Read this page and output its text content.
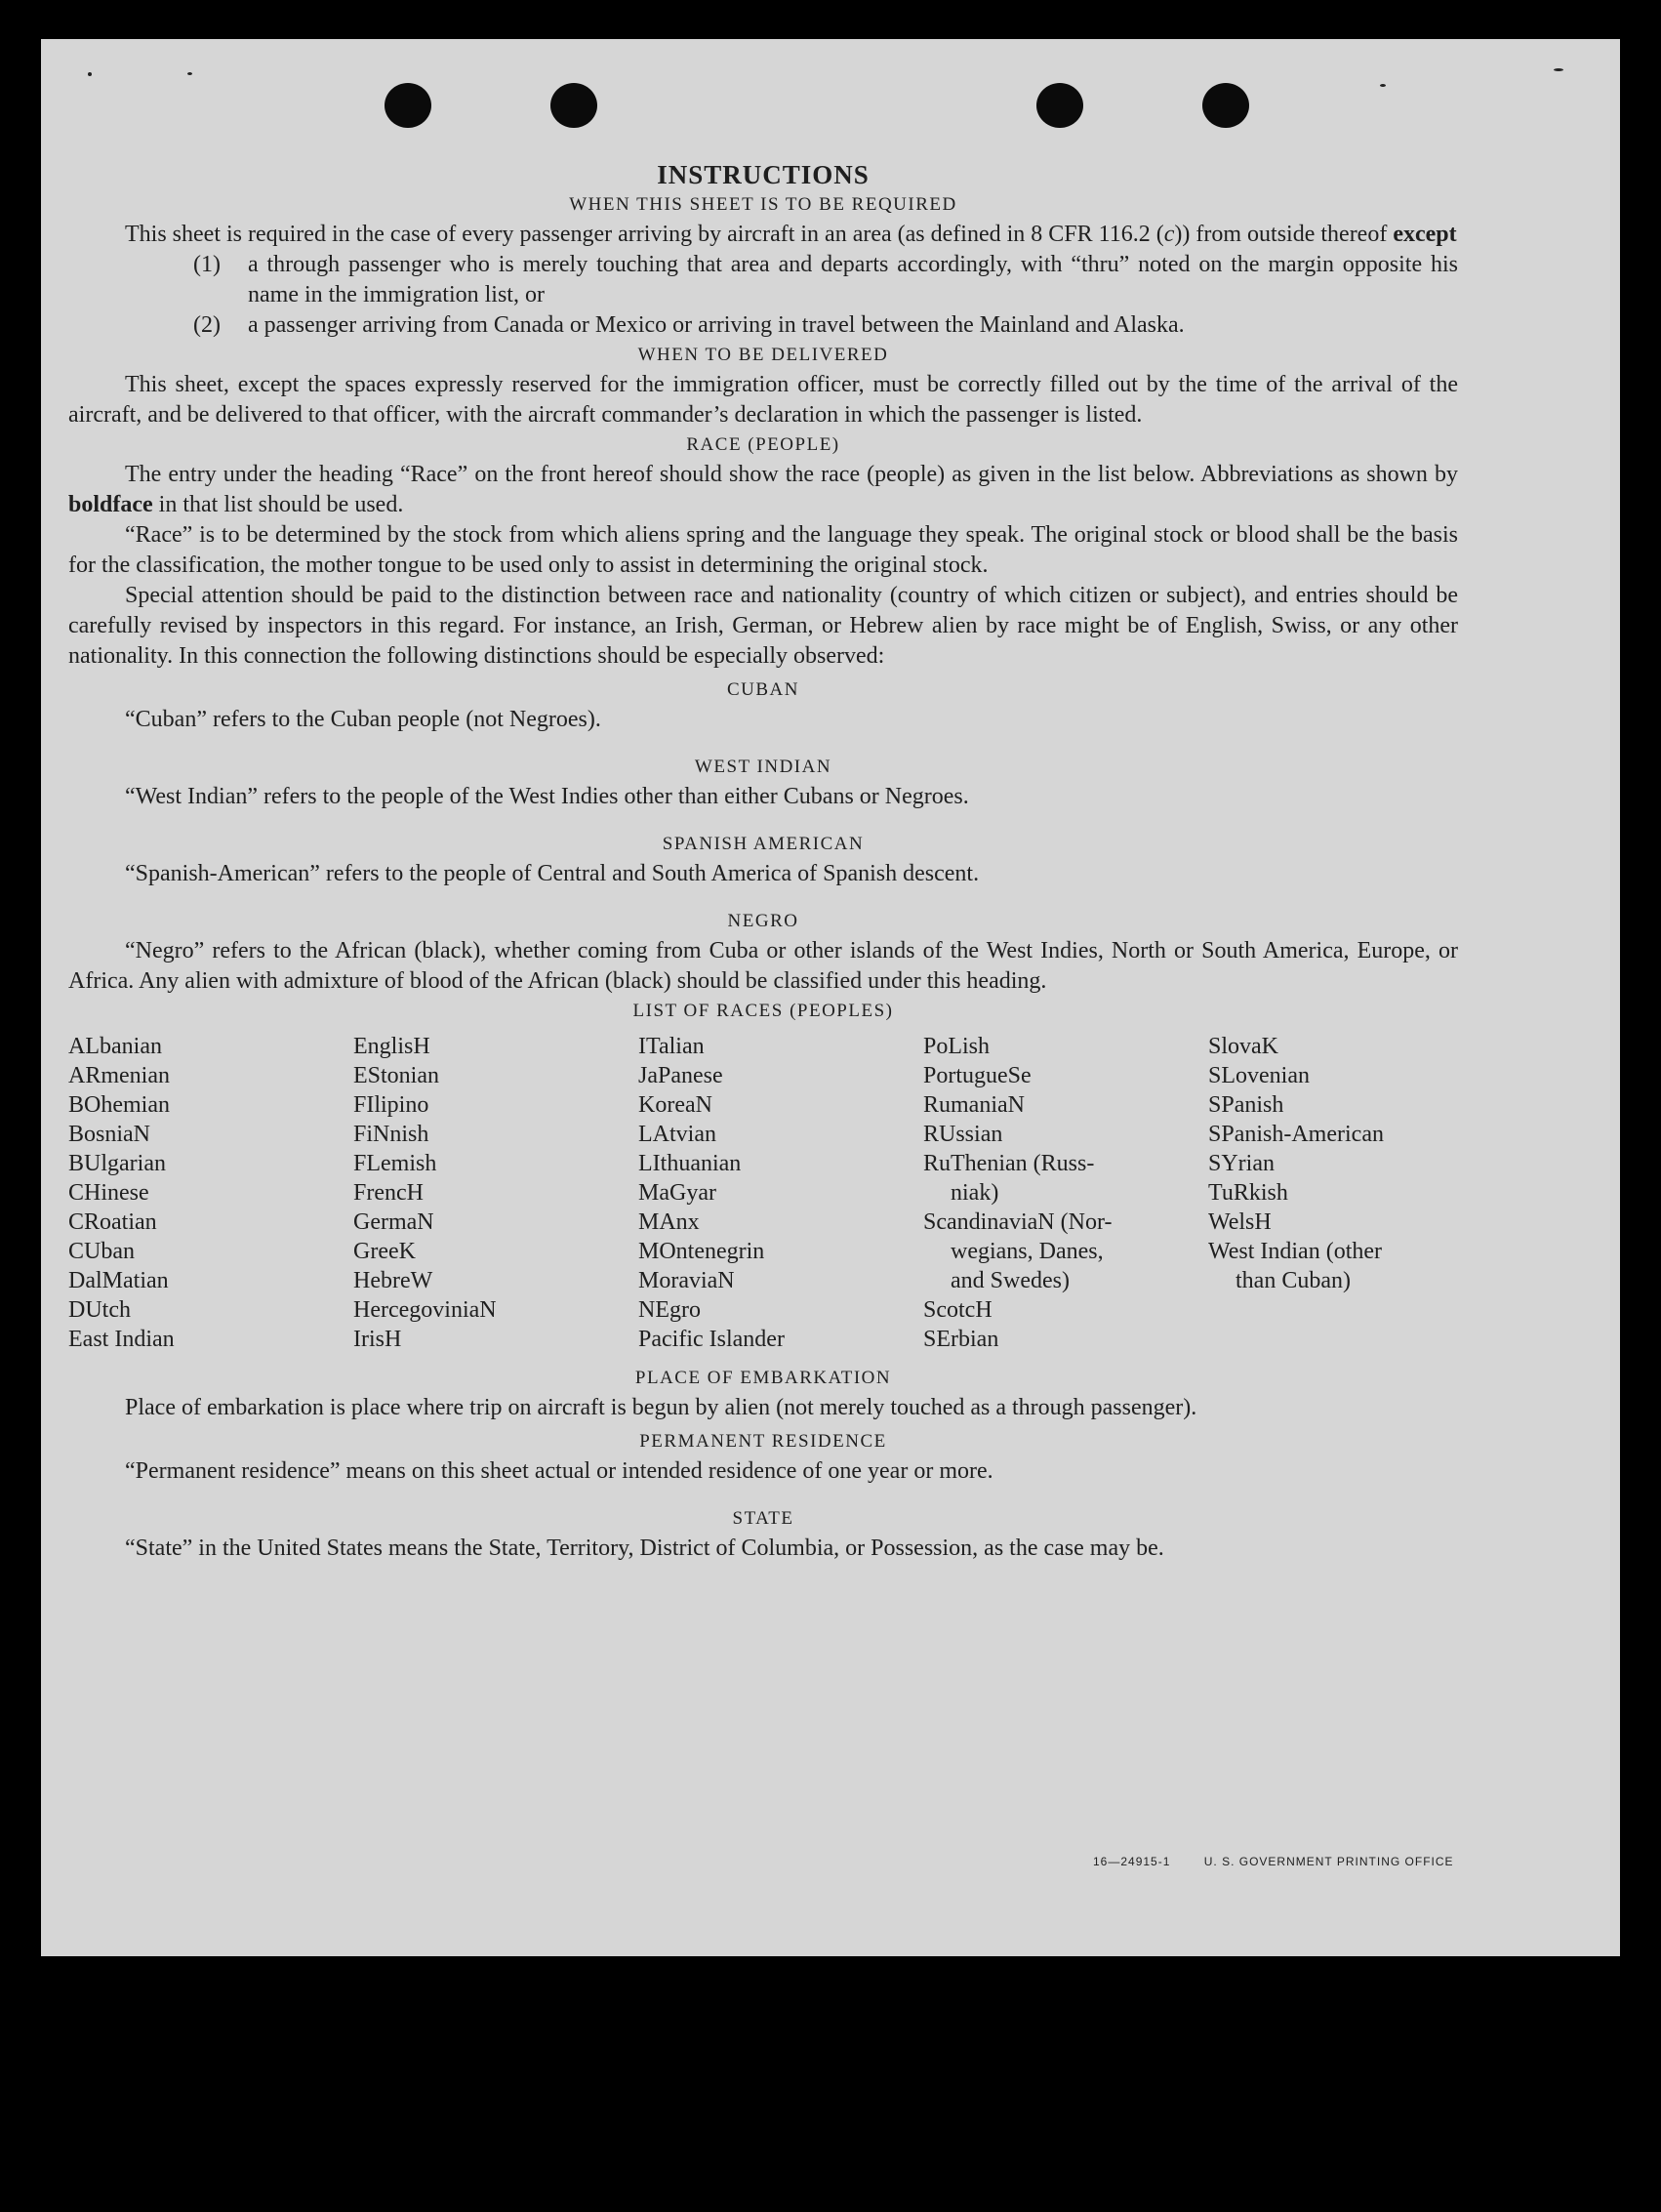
INSTRUCTIONS
WHEN THIS SHEET IS TO BE REQUIRED

This sheet is required in the case of every passenger arriving by aircraft in an area (as defined in 8 CFR 116.2 (c)) from outside thereof except

(1)	a through passenger who is merely touching that area and departs accordingly, with “thru” noted on the margin opposite his name in the immigration list, or
(2)	a passenger arriving from Canada or Mexico or arriving in travel between the Mainland and Alaska.
WHEN TO BE DELIVERED

This sheet, except the spaces expressly reserved for the immigration officer, must be correctly filled out by the time of the arrival of the aircraft, and be delivered to that officer, with the aircraft commander’s declaration in which the passenger is listed.

RACE (PEOPLE)

The entry under the heading “Race” on the front hereof should show the race (people) as given in the list below. Abbreviations as shown by boldface in that list should be used.

“Race” is to be determined by the stock from which aliens spring and the language they speak. The original stock or blood shall be the basis for the classification, the mother tongue to be used only to assist in determining the original stock.

Special attention should be paid to the distinction between race and nationality (country of which citizen or subject), and entries should be carefully revised by inspectors in this regard. For instance, an Irish, German, or Hebrew alien by race might be of English, Swiss, or any other nationality. In this connection the following distinctions should be especially observed:

CUBAN

“Cuban” refers to the Cuban people (not Negroes).

WEST INDIAN

“West Indian” refers to the people of the West Indies other than either Cubans or Negroes.

SPANISH AMERICAN

“Spanish-American” refers to the people of Central and South America of Spanish descent.

NEGRO

“Negro” refers to the African (black), whether coming from Cuba or other islands of the West Indies, North or South America, Europe, or Africa. Any alien with admixture of blood of the African (black) should be classified under this heading.

LIST OF RACES (PEOPLES)
ALbanian
ARmenian
BOhemian
BosniaN
BUlgarian
CHinese
CRoatian
CUban
DalMatian
DUtch
East Indian
EnglisH
EStonian
FIlipino
FiNnish
FLemish
FrencH
GermaN
GreeK
HebreW
HercegoviniaN
IrisH
ITalian
JaPanese
KoreaN
LAtvian
LIthuanian
MaGyar
MAnx
MOntenegrin
MoraviaN
NEgro
Pacific Islander
PoLish
PortugueSe
RumaniaN
RUssian
RuThenian (Russ-
niak)
ScandinaviaN (Nor-
wegians, Danes,
and Swedes)
ScotcH
SErbian
SlovaK
SLovenian
SPanish
SPanish-American
SYrian
TuRkish
WelsH
West Indian (other
than Cuban)
PLACE OF EMBARKATION

Place of embarkation is place where trip on aircraft is begun by alien (not merely touched as a through passenger).

PERMANENT RESIDENCE

“Permanent residence” means on this sheet actual or intended residence of one year or more.

STATE

“State” in the United States means the State, Territory, District of Columbia, or Possession, as the case may be.

16—24915-1	U. S. GOVERNMENT PRINTING OFFICE
